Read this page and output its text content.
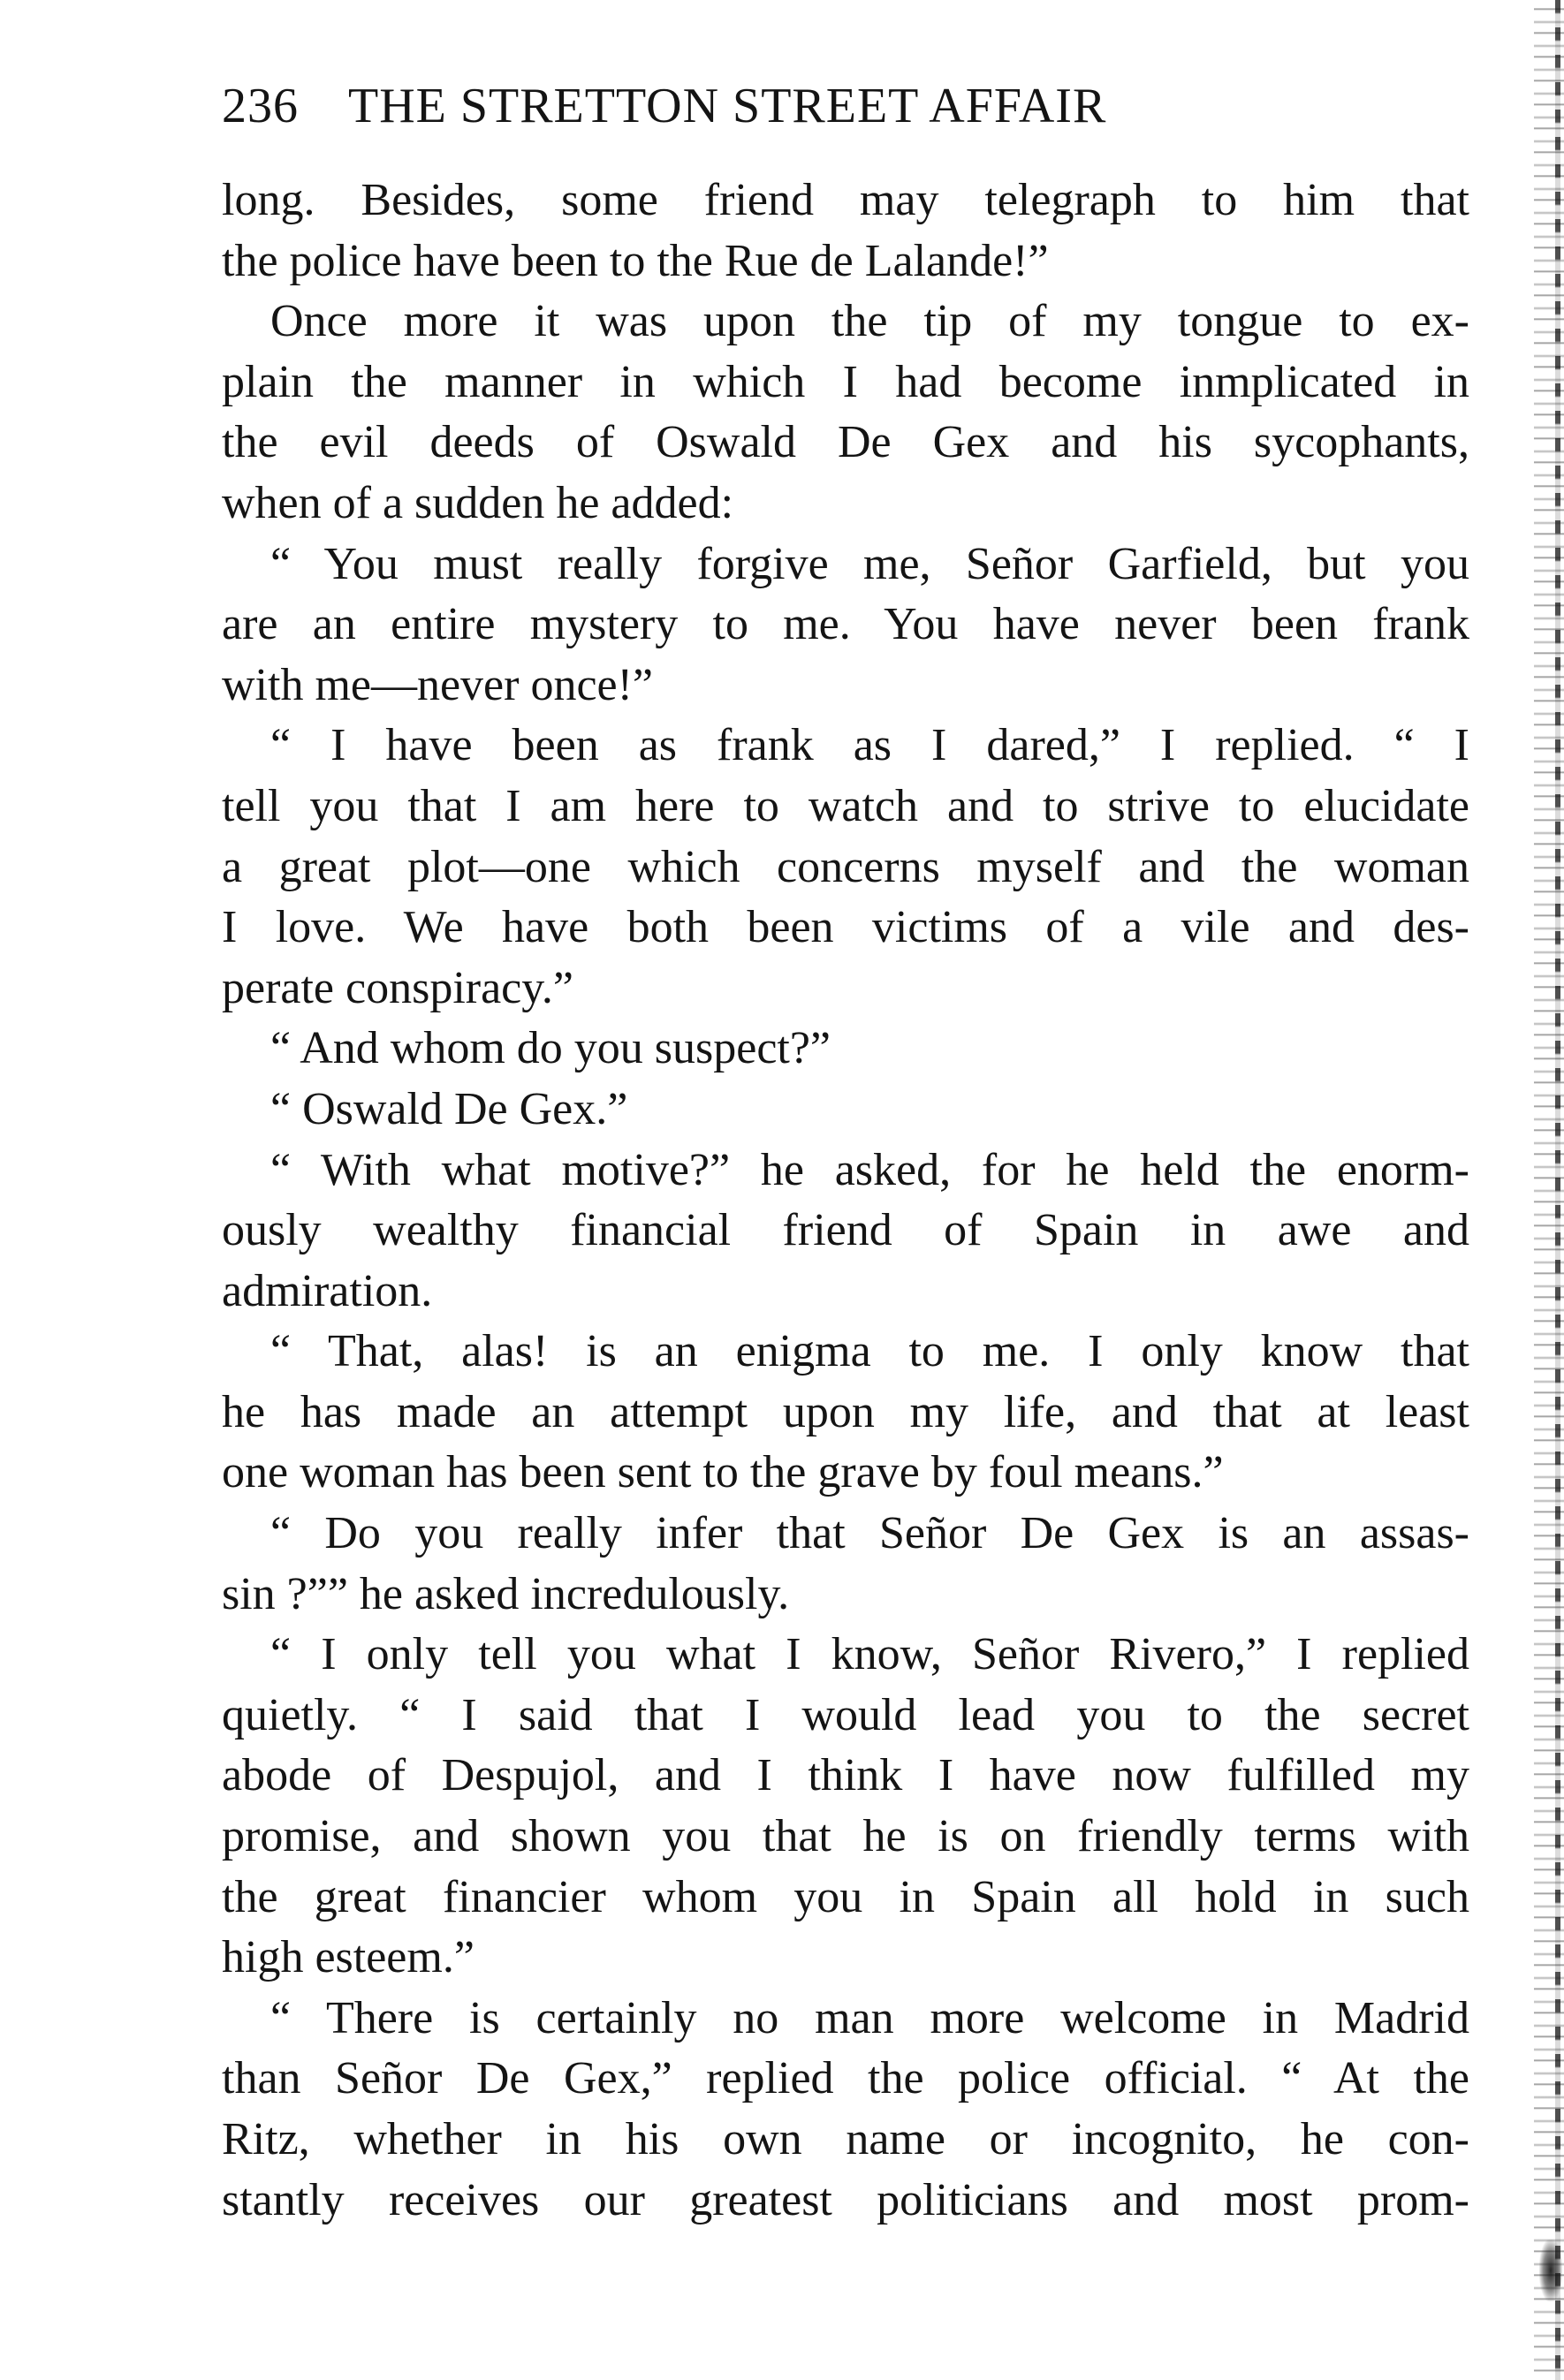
236 THE STRETTON STREET AFFAIR
long. Besides, some friend may telegraph to him that
the police have been to the Rue de Lalande!”
Once more it was upon the tip of my tongue to ex-
plain the manner in which I had become inmplicated in
the evil deeds of Oswald De Gex and his sycophants,
when of a sudden he added:
“ You must really forgive me, Señor Garfield, but you
are an entire mystery to me. You have never been frank
with me—never once!”
“ I have been as frank as I dared,” I replied. “ I
tell you that I am here to watch and to strive to elucidate
a great plot—one which concerns myself and the woman
I love. We have both been victims of a vile and des-
perate conspiracy.”
“ And whom do you suspect?”
“ Oswald De Gex.”
“ With what motive?” he asked, for he held the enorm-
ously wealthy financial friend of Spain in awe and
admiration.
“ That, alas! is an enigma to me. I only know that
he has made an attempt upon my life, and that at least
one woman has been sent to the grave by foul means.”
“ Do you really infer that Señor De Gex is an assas-
sin ?”” he asked incredulously.
“ I only tell you what I know, Señor Rivero,” I replied
quietly. “ I said that I would lead you to the secret
abode of Despujol, and I think I have now fulfilled my
promise, and shown you that he is on friendly terms with
the great financier whom you in Spain all hold in such
high esteem.”
“ There is certainly no man more welcome in Madrid
than Señor De Gex,” replied the police official. “ At the
Ritz, whether in his own name or incognito, he con-
stantly receives our greatest politicians and most prom-
